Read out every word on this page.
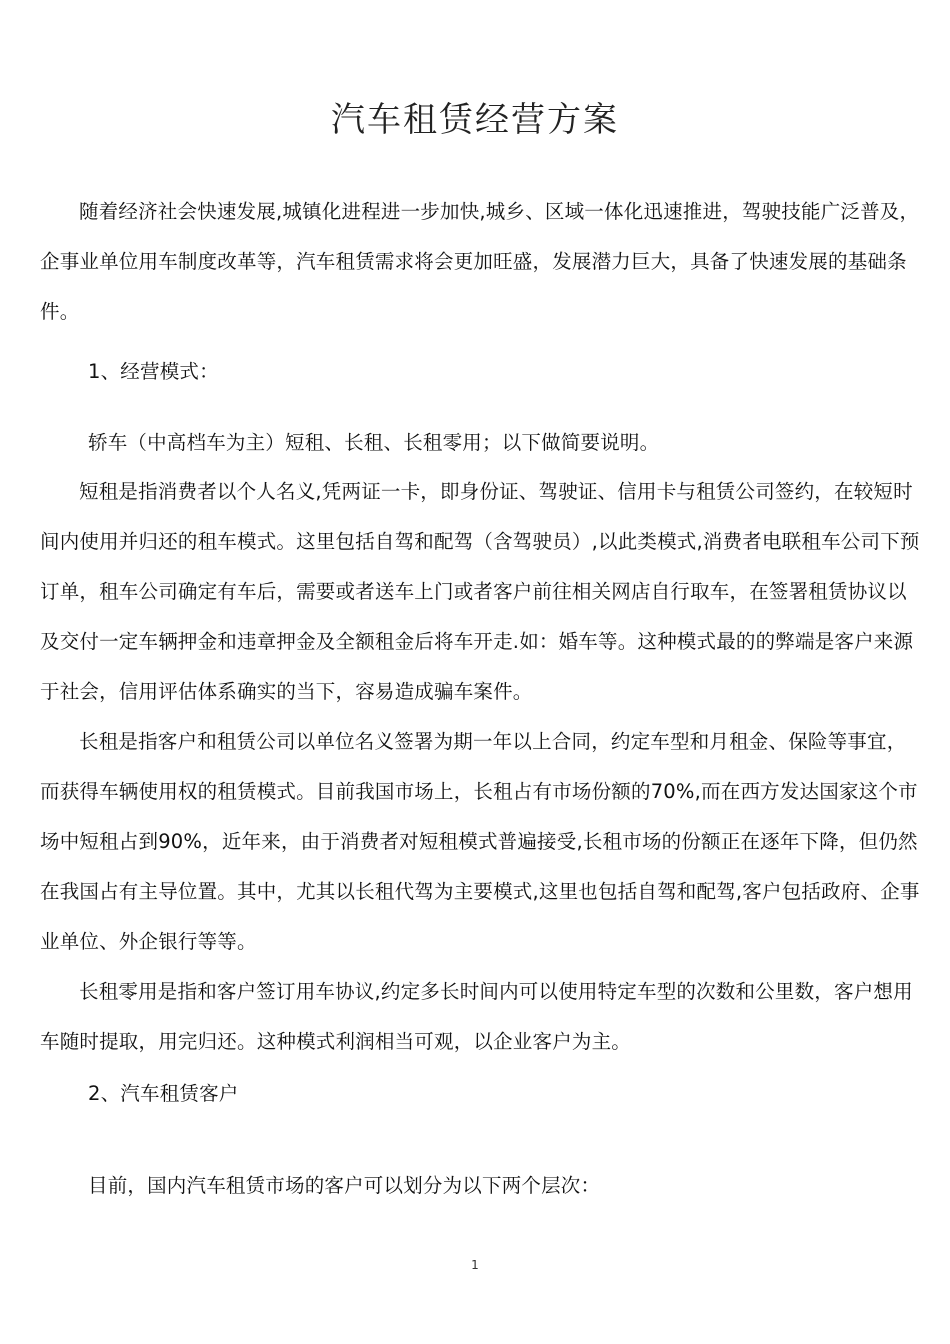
汽车租赁经营方案

随着经济社会快速发展,城镇化进程进一步加快,城乡、区域一体化迅速推进，驾驶技能广泛普及，企事业单位用车制度改革等，汽车租赁需求将会更加旺盛，发展潜力巨大，具备了快速发展的基础条件。

1、经营模式：

轿车（中高档车为主）短租、长租、长租零用；以下做简要说明。

短租是指消费者以个人名义,凭两证一卡，即身份证、驾驶证、信用卡与租赁公司签约，在较短时间内使用并归还的租车模式。这里包括自驾和配驾（含驾驶员）,以此类模式,消费者电联租车公司下预订单，租车公司确定有车后，需要或者送车上门或者客户前往相关网店自行取车，在签署租赁协议以及交付一定车辆押金和违章押金及全额租金后将车开走.如：婚车等。这种模式最的的弊端是客户来源于社会，信用评估体系确实的当下，容易造成骗车案件。

长租是指客户和租赁公司以单位名义签署为期一年以上合同，约定车型和月租金、保险等事宜，而获得车辆使用权的租赁模式。目前我国市场上，长租占有市场份额的70%,而在西方发达国家这个市场中短租占到90%，近年来，由于消费者对短租模式普遍接受,长租市场的份额正在逐年下降，但仍然在我国占有主导位置。其中，尤其以长租代驾为主要模式,这里也包括自驾和配驾,客户包括政府、企事业单位、外企银行等等。

长租零用是指和客户签订用车协议,约定多长时间内可以使用特定车型的次数和公里数，客户想用车随时提取，用完归还。这种模式利润相当可观，以企业客户为主。

2、汽车租赁客户

目前，国内汽车租赁市场的客户可以划分为以下两个层次：

1
